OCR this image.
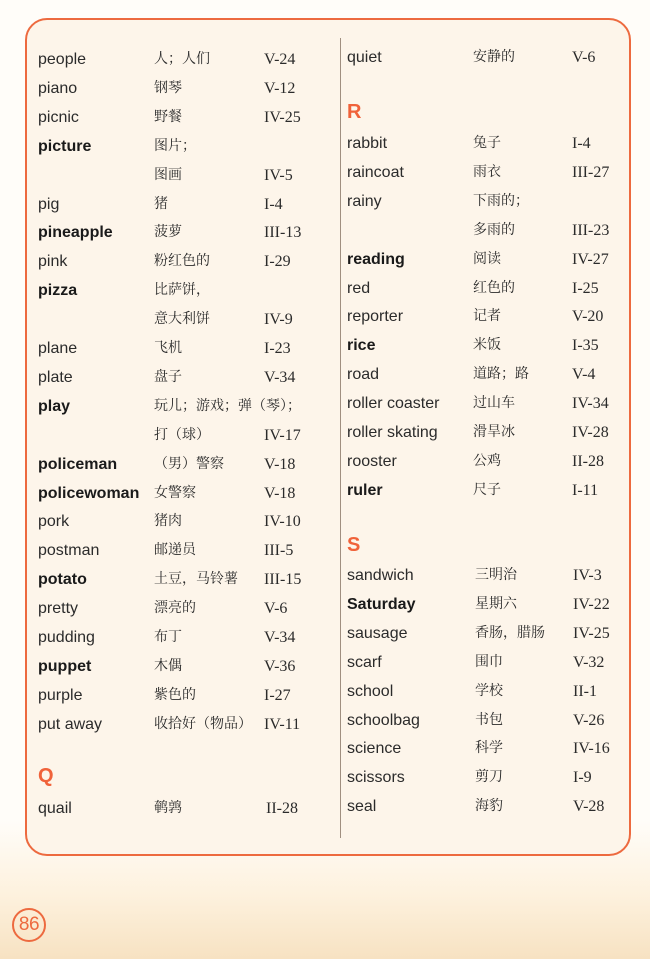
people	人；人们	V-24
piano	钢琴	V-12
picnic	野餐	IV-25
picture	图片；
图画	IV-5
pig	猪	I-4
pineapple	菠萝	III-13
pink	粉红色的	I-29
pizza	比萨饼，
意大利饼	IV-9
plane	飞机	I-23
plate	盘子	V-34
play	玩儿；游戏；弹（琴）；
打（球）	IV-17
policeman	（男）警察	V-18
policewoman 女警察	V-18
pork	猪肉	IV-10
postman	邮递员	III-5
potato	土豆，马铃薯 III-15
pretty	漂亮的	V-6
pudding	布丁	V-34
puppet	木偶	V-36
purple	紫色的	I-27
put away	收拾好（物品） IV-11
Q
quail	鹌鹑	II-28
quiet	安静的	V-6
R
rabbit	兔子	I-4
raincoat	雨衣	III-27
rainy	下雨的；
多雨的	III-23
reading	阅读	IV-27
red	红色的	I-25
reporter	记者	V-20
rice	米饭	I-35
road	道路；路	V-4
roller coaster 过山车	IV-34
roller skating	滑旱冰	IV-28
rooster	公鸡	II-28
ruler	尺子	I-11
S
sandwich	三明治	IV-3
Saturday	星期六	IV-22
sausage	香肠，腊肠 IV-25
scarf	围巾	V-32
school	学校	II-1
schoolbag	书包	V-26
science	科学	IV-16
scissors	剪刀	I-9
seal	海豹	V-28
86
